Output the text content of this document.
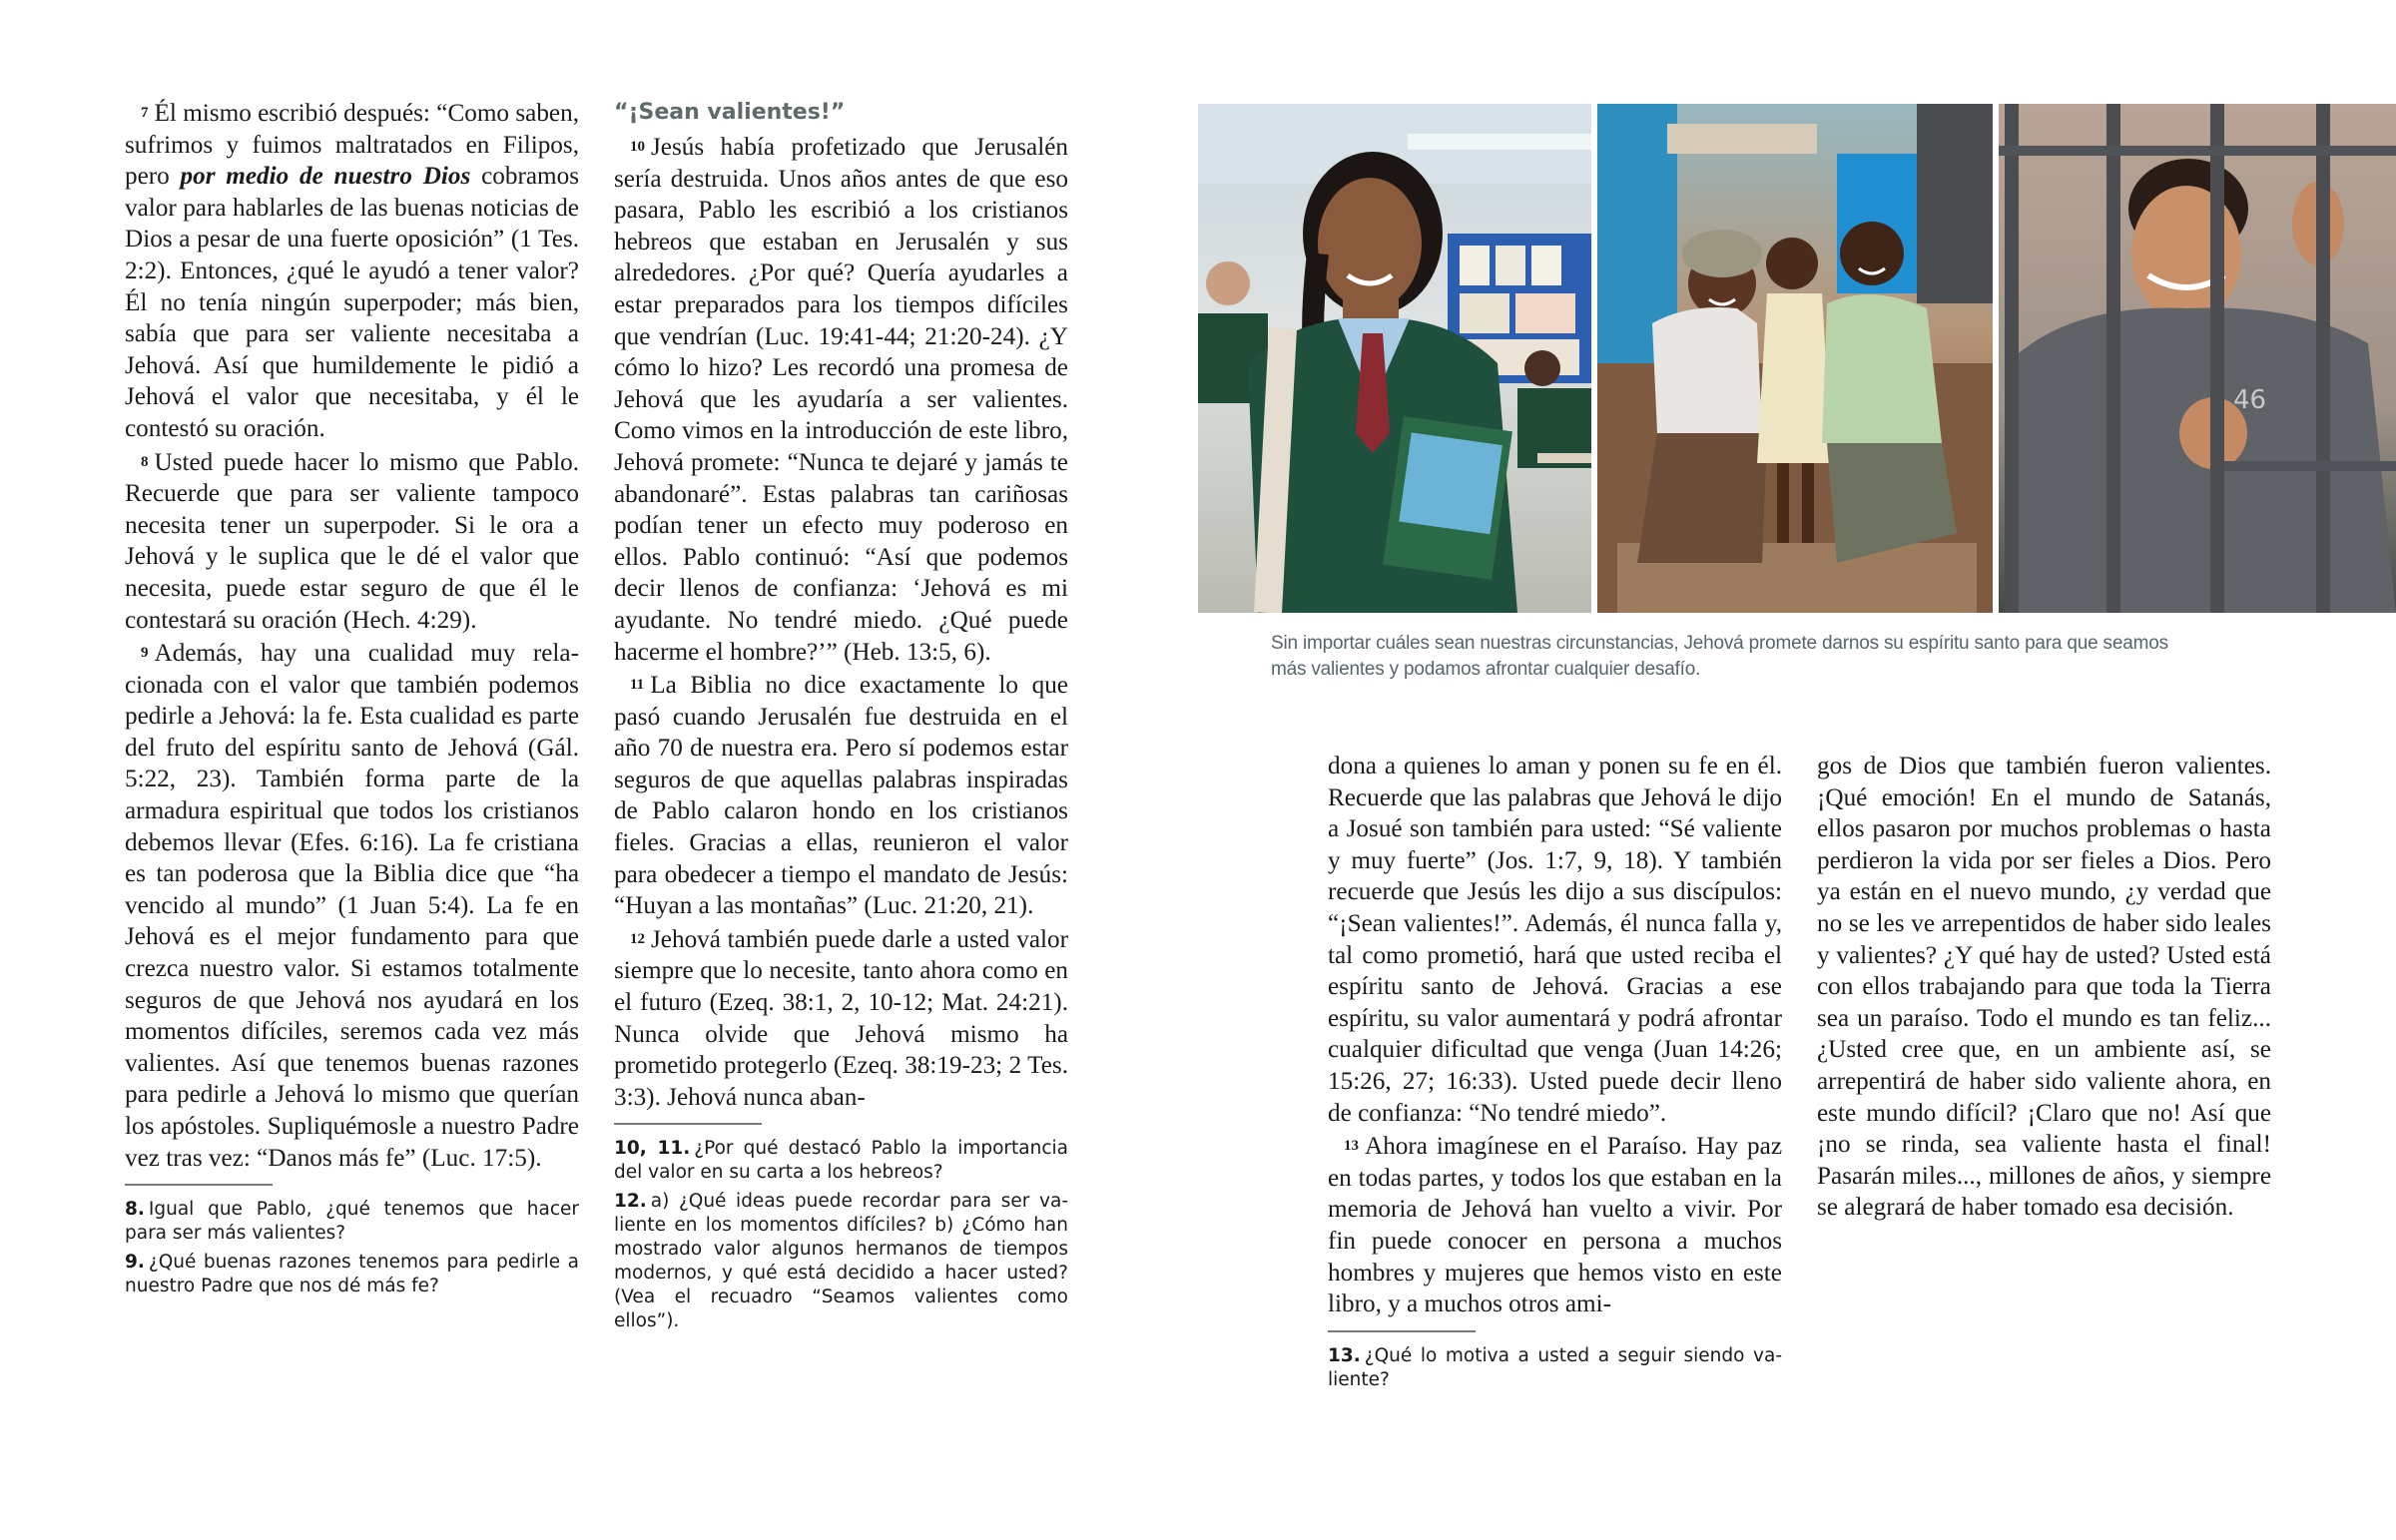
7 Él mismo escribió después: “Como saben, sufrimos y fuimos maltratados en Filipos, pero por medio de nuestro Dios cobramos valor para hablarles de las buenas noticias de Dios a pesar de una fuerte oposición” (1 Tes. 2:2). Entonces, ¿qué le ayudó a tener valor? Él no tenía ningún superpoder; más bien, sabía que para ser valiente necesitaba a Jehová. Así que humildemente le pidió a Jehová el valor que necesitaba, y él le contestó su oración.

8 Usted puede hacer lo mismo que Pablo. Recuerde que para ser valiente tampoco necesita tener un superpoder. Si le ora a Jehová y le suplica que le dé el valor que necesita, puede estar seguro de que él le contestará su oración (Hech. 4:29).

9 Además, hay una cualidad muy relacionada con el valor que también podemos pedirle a Jehová: la fe. Esta cualidad es parte del fruto del espíritu santo de Jehová (Gál. 5:22, 23). También forma parte de la armadura espiritual que todos los cristianos debemos llevar (Efes. 6:16). La fe cristiana es tan poderosa que la Biblia dice que “ha vencido al mundo” (1 Juan 5:4). La fe en Jehová es el mejor fundamento para que crezca nuestro valor. Si estamos totalmente seguros de que Jehová nos ayudará en los momentos difíciles, seremos cada vez más valientes. Así que tenemos buenas razones para pedirle a Jehová lo mismo que querían los apóstoles. Supliquémosle a nuestro Padre vez tras vez: “Danos más fe” (Luc. 17:5).

8. Igual que Pablo, ¿qué tenemos que hacer para ser más valientes?
9. ¿Qué buenas razones tenemos para pedirle a nuestro Padre que nos dé más fe?
“¡Sean valientes!”

10 Jesús había profetizado que Jerusalén sería destruida. Unos años antes de que eso pasara, Pablo les escribió a los cristianos hebreos que estaban en Jerusalén y sus alrededores. ¿Por qué? Quería ayudarles a estar preparados para los tiempos difíciles que vendrían (Luc. 19:41-44; 21:20-24). ¿Y cómo lo hizo? Les recordó una promesa de Jehová que les ayudaría a ser valientes. Como vimos en la introducción de este libro, Jehová promete: “Nunca te dejaré y jamás te abandonaré”. Estas palabras tan cariñosas podían tener un efecto muy poderoso en ellos. Pablo continuó: “Así que podemos decir llenos de confianza: ‘Jehová es mi ayudante. No tendré miedo. ¿Qué puede hacerme el hombre?’” (Heb. 13:5, 6).

11 La Biblia no dice exactamente lo que pasó cuando Jerusalén fue destruida en el año 70 de nuestra era. Pero sí podemos estar seguros de que aquellas palabras inspiradas de Pablo calaron hondo en los cristianos fieles. Gracias a ellas, reunieron el valor para obedecer a tiempo el mandato de Jesús: “Huyan a las montañas” (Luc. 21:20, 21).

12 Jehová también puede darle a usted valor siempre que lo necesite, tanto ahora como en el futuro (Ezeq. 38:1, 2, 10-12; Mat. 24:21). Nunca olvide que Jehová mismo ha prometido protegerlo (Ezeq. 38:19-23; 2 Tes. 3:3). Jehová nunca aban-

10, 11. ¿Por qué destacó Pablo la importancia del valor en su carta a los hebreos?
12. a) ¿Qué ideas puede recordar para ser valiente en los momentos difíciles? b) ¿Cómo han mostrado valor algunos hermanos de tiempos modernos, y qué está decidido a hacer usted? (Vea el recuadro “Seamos valientes como ellos”).
46
Sin importar cuáles sean nuestras circunstancias, Jehová promete darnos su espíritu santo para que seamos más valientes y podamos afrontar cualquier desafío.

dona a quienes lo aman y ponen su fe en él. Recuerde que las palabras que Jehová le dijo a Josué son también para usted: “Sé valiente y muy fuerte” (Jos. 1:7, 9, 18). Y también recuerde que Jesús les dijo a sus discípulos: “¡Sean valientes!”. Además, él nunca falla y, tal como prometió, hará que usted reciba el espíritu santo de Jehová. Gracias a ese espíritu, su valor aumentará y podrá afrontar cualquier dificultad que venga (Juan 14:26; 15:26, 27; 16:33). Usted puede decir lleno de confianza: “No tendré miedo”.

13 Ahora imagínese en el Paraíso. Hay paz en todas partes, y todos los que estaban en la memoria de Jehová han vuelto a vivir. Por fin puede conocer en persona a muchos hombres y mujeres que hemos visto en este libro, y a muchos otros ami-

13. ¿Qué lo motiva a usted a seguir siendo valiente?

gos de Dios que también fueron valientes. ¡Qué emoción! En el mundo de Satanás, ellos pasaron por muchos problemas o hasta perdieron la vida por ser fieles a Dios. Pero ya están en el nuevo mundo, ¿y verdad que no se les ve arrepentidos de haber sido leales y valientes? ¿Y qué hay de usted? Usted está con ellos trabajando para que toda la Tierra sea un paraíso. Todo el mundo es tan feliz... ¿Usted cree que, en un ambiente así, se arrepentirá de haber sido valiente ahora, en este mundo difícil? ¡Claro que no! Así que ¡no se rinda, sea valiente hasta el final! Pasarán miles..., millones de años, y siempre se alegrará de haber tomado esa decisión.
